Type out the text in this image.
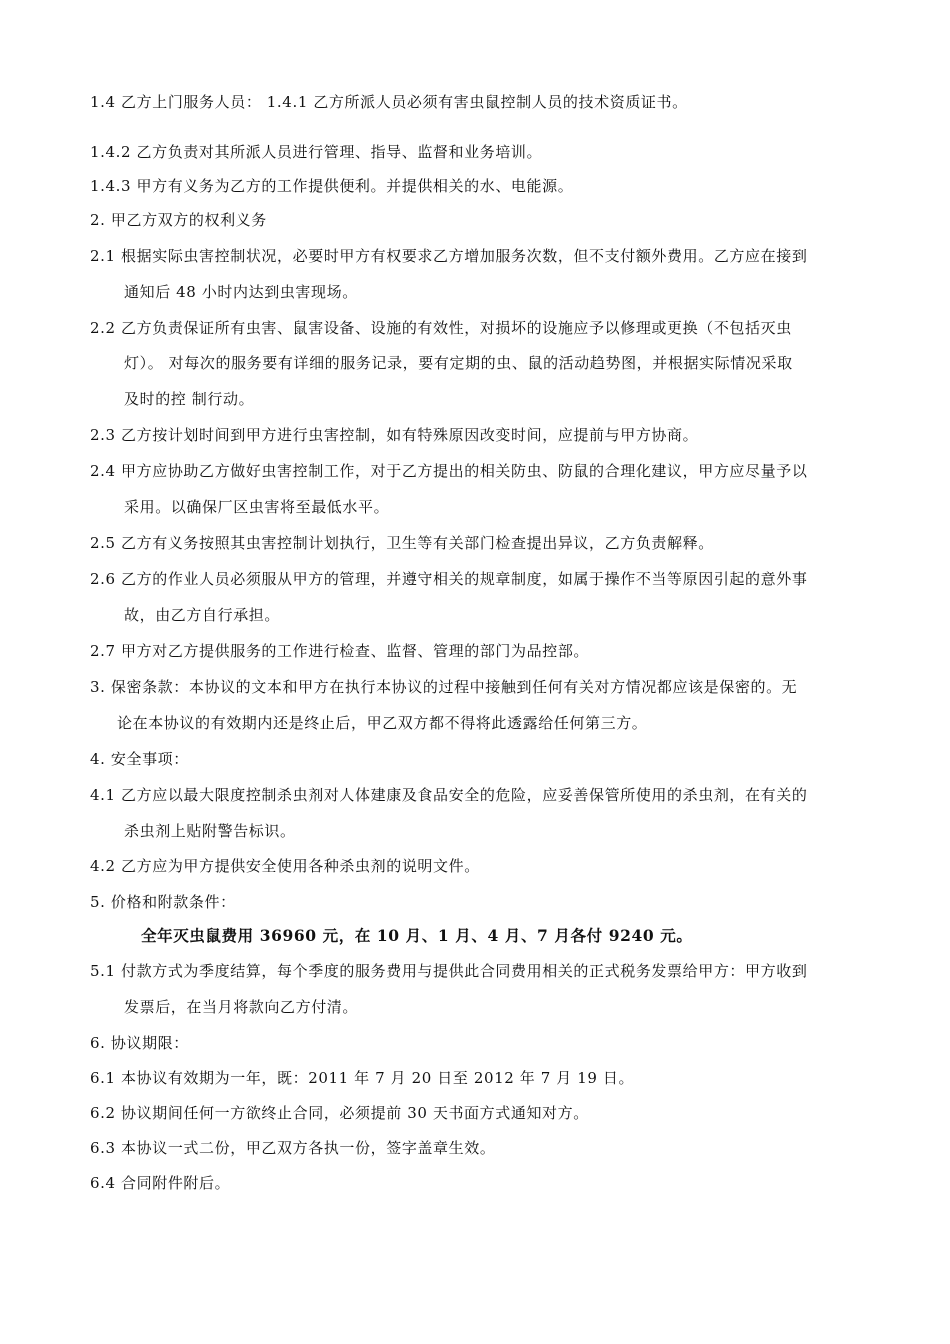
1.4 乙方上门服务人员： 1.4.1 乙方所派人员必须有害虫鼠控制人员的技术资质证书。
1.4.2 乙方负责对其所派人员进行管理、指导、监督和业务培训。
1.4.3 甲方有义务为乙方的工作提供便利。并提供相关的水、电能源。
2. 甲乙方双方的权利义务
2.1 根据实际虫害控制状况，必要时甲方有权要求乙方增加服务次数，但不支付额外费用。乙方应在接到
通知后 48 小时内达到虫害现场。
2.2 乙方负责保证所有虫害、鼠害设备、设施的有效性，对损坏的设施应予以修理或更换（不包括灭虫
灯）。 对每次的服务要有详细的服务记录，要有定期的虫、鼠的活动趋势图，并根据实际情况采取
及时的控 制行动。
2.3 乙方按计划时间到甲方进行虫害控制，如有特殊原因改变时间，应提前与甲方协商。
2.4 甲方应协助乙方做好虫害控制工作，对于乙方提出的相关防虫、防鼠的合理化建议，甲方应尽量予以
采用。以确保厂区虫害将至最低水平。
2.5 乙方有义务按照其虫害控制计划执行，卫生等有关部门检查提出异议，乙方负责解释。
2.6 乙方的作业人员必须服从甲方的管理，并遵守相关的规章制度，如属于操作不当等原因引起的意外事
故，由乙方自行承担。
2.7 甲方对乙方提供服务的工作进行检查、监督、管理的部门为品控部。
3. 保密条款：本协议的文本和甲方在执行本协议的过程中接触到任何有关对方情况都应该是保密的。无
论在本协议的有效期内还是终止后，甲乙双方都不得将此透露给任何第三方。
4. 安全事项：
4.1 乙方应以最大限度控制杀虫剂对人体建康及食品安全的危险，应妥善保管所使用的杀虫剂，在有关的
杀虫剂上贴附警告标识。
4.2 乙方应为甲方提供安全使用各种杀虫剂的说明文件。
5. 价格和附款条件：
全年灭虫鼠费用 36960 元，在 10 月、1 月、4 月、7 月各付 9240 元。
5.1 付款方式为季度结算，每个季度的服务费用与提供此合同费用相关的正式税务发票给甲方：甲方收到
发票后，在当月将款向乙方付清。
6. 协议期限：
6.1 本协议有效期为一年，既：2011 年 7 月 20 日至 2012 年 7 月 19 日。
6.2 协议期间任何一方欲终止合同，必须提前 30 天书面方式通知对方。
6.3 本协议一式二份，甲乙双方各执一份，签字盖章生效。
6.4 合同附件附后。
